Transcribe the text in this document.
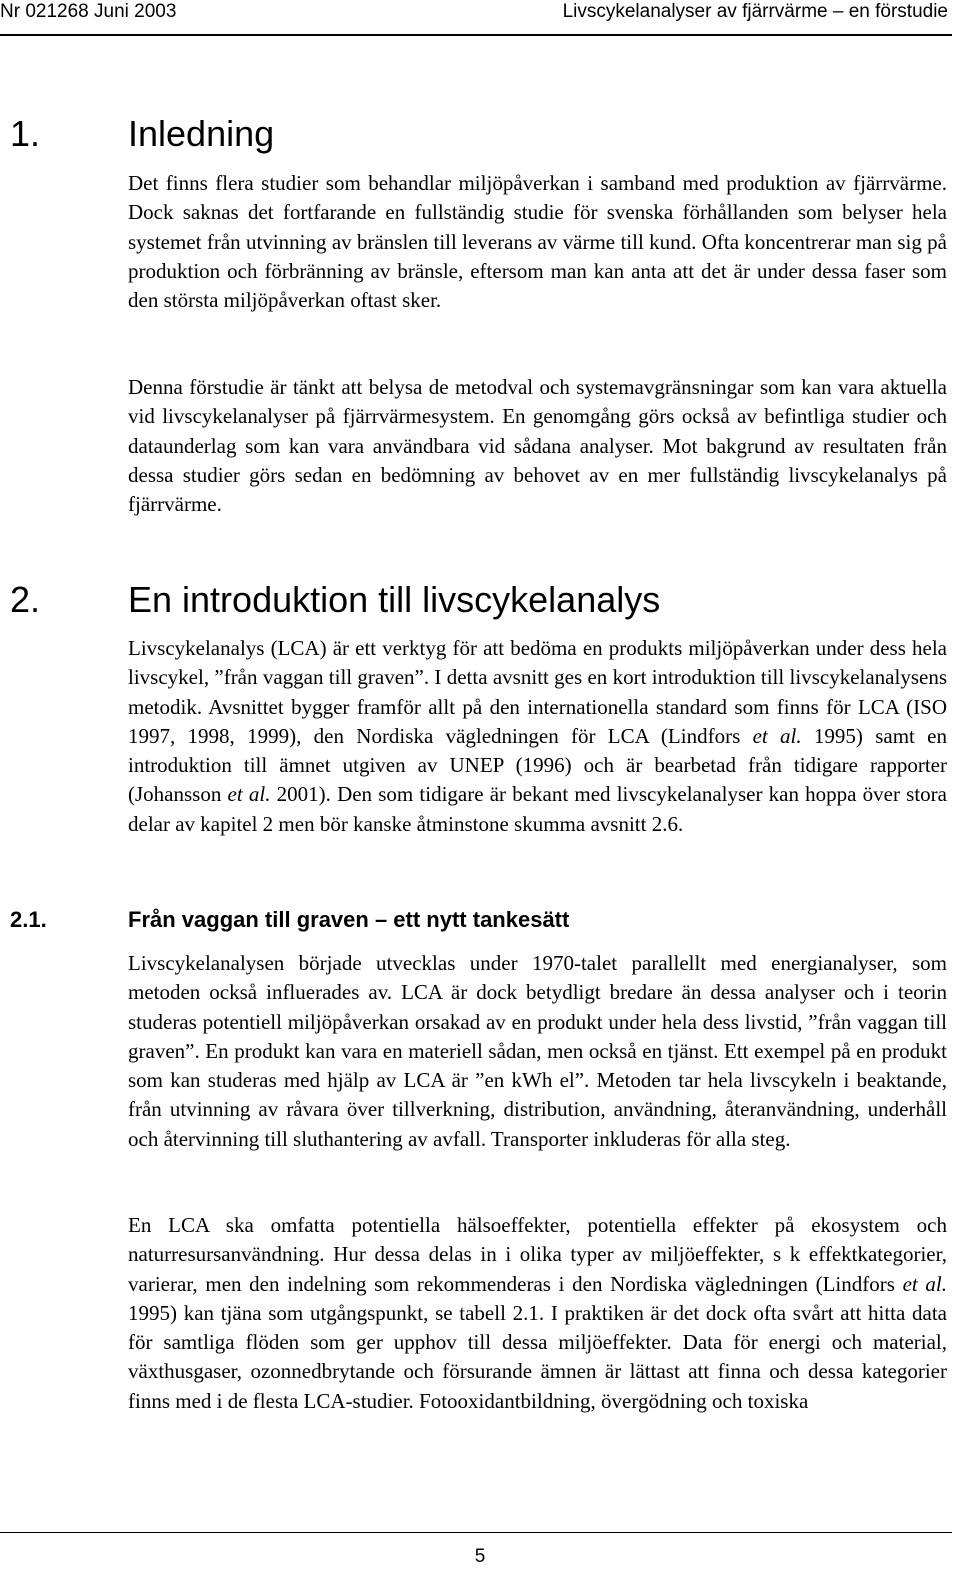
Nr 021268 Juni 2003	Livscykelanalyser av fjärrvärme – en förstudie
1. Inledning

Det finns flera studier som behandlar miljöpåverkan i samband med produktion av fjärrvärme. Dock saknas det fortfarande en fullständig studie för svenska förhållanden som belyser hela systemet från utvinning av bränslen till leverans av värme till kund. Ofta koncentrerar man sig på produktion och förbränning av bränsle, eftersom man kan anta att det är under dessa faser som den största miljöpåverkan oftast sker.

Denna förstudie är tänkt att belysa de metodval och systemavgränsningar som kan vara aktuella vid livscykelanalyser på fjärrvärmesystem. En genomgång görs också av befintliga studier och dataunderlag som kan vara användbara vid sådana analyser. Mot bakgrund av resultaten från dessa studier görs sedan en bedömning av behovet av en mer fullständig livscykelanalys på fjärrvärme.

2. En introduktion till livscykelanalys

Livscykelanalys (LCA) är ett verktyg för att bedöma en produkts miljöpåverkan under dess hela livscykel, ”från vaggan till graven”. I detta avsnitt ges en kort introduktion till livscykelanalysens metodik. Avsnittet bygger framför allt på den internationella standard som finns för LCA (ISO 1997, 1998, 1999), den Nordiska vägledningen för LCA (Lindfors et al. 1995) samt en introduktion till ämnet utgiven av UNEP (1996) och är bearbetad från tidigare rapporter (Johansson et al. 2001). Den som tidigare är bekant med livscykelanalyser kan hoppa över stora delar av kapitel 2 men bör kanske åtminstone skumma avsnitt 2.6.

2.1.	Från vaggan till graven – ett nytt tankesätt

Livscykelanalysen började utvecklas under 1970-talet parallellt med energianalyser, som metoden också influerades av. LCA är dock betydligt bredare än dessa analyser och i teorin studeras potentiell miljöpåverkan orsakad av en produkt under hela dess livstid, ”från vaggan till graven”. En produkt kan vara en materiell sådan, men också en tjänst. Ett exempel på en produkt som kan studeras med hjälp av LCA är ”en kWh el”. Metoden tar hela livscykeln i beaktande, från utvinning av råvara över tillverkning, distribution, användning, återanvändning, underhåll och återvinning till sluthantering av avfall. Transporter inkluderas för alla steg.

En LCA ska omfatta potentiella hälsoeffekter, potentiella effekter på ekosystem och naturresursanvändning. Hur dessa delas in i olika typer av miljöeffekter, s k effektkategorier, varierar, men den indelning som rekommenderas i den Nordiska vägledningen (Lindfors et al. 1995) kan tjäna som utgångspunkt, se tabell 2.1. I praktiken är det dock ofta svårt att hitta data för samtliga flöden som ger upphov till dessa miljöeffekter. Data för energi och material, växthusgaser, ozonnedbrytande och försurande ämnen är lättast att finna och dessa kategorier finns med i de flesta LCA-studier. Fotooxidantbildning, övergödning och toxiska

5
